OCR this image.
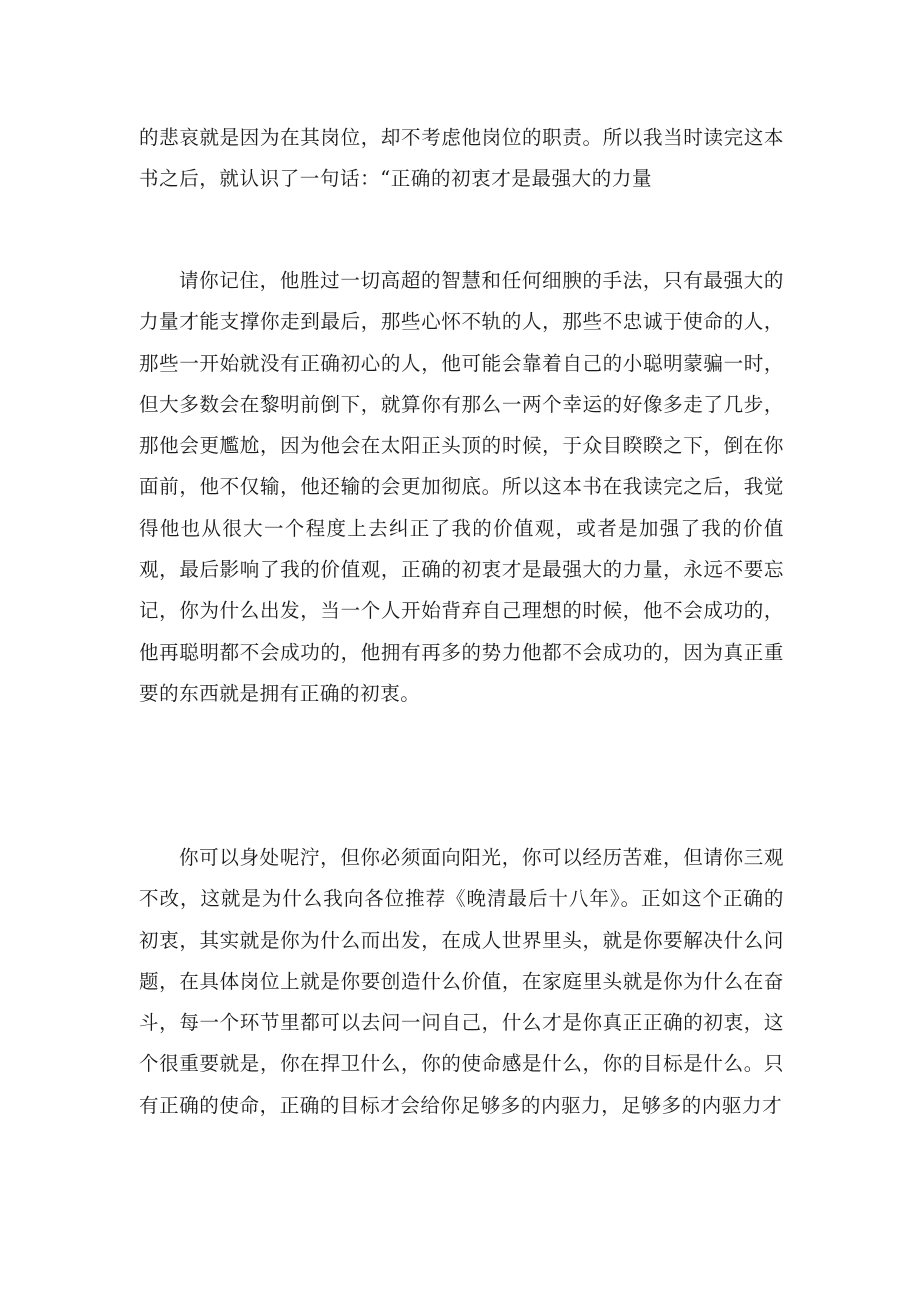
的悲哀就是因为在其岗位，却不考虑他岗位的职责。所以我当时读完这本书之后，就认识了一句话：“正确的初衷才是最强大的力量

请你记住，他胜过一切高超的智慧和任何细腴的手法，只有最强大的力量才能支撑你走到最后，那些心怀不轨的人，那些不忠诚于使命的人，那些一开始就没有正确初心的人，他可能会靠着自己的小聪明蒙骗一时，但大多数会在黎明前倒下，就算你有那么一两个幸运的好像多走了几步，那他会更尷尬，因为他会在太阳正头顶的时候，于众目睽睽之下，倒在你面前，他不仅输，他还输的会更加彻底。所以这本书在我读完之后，我觉得他也从很大一个程度上去纠正了我的价值观，或者是加强了我的价值观，最后影响了我的价值观，正确的初衷才是最强大的力量，永远不要忘记，你为什么出发，当一个人开始背弃自己理想的时候，他不会成功的，他再聪明都不会成功的，他拥有再多的势力他都不会成功的，因为真正重要的东西就是拥有正确的初衷。

你可以身处呢泞，但你必须面向阳光，你可以经历苦难，但请你三观不改，这就是为什么我向各位推荐《晚清最后十八年》。正如这个正确的初衷，其实就是你为什么而出发，在成人世界里头，就是你要解决什么问题，在具体岗位上就是你要创造什么价值，在家庭里头就是你为什么在奋斗，每一个环节里都可以去问一问自己，什么才是你真正正确的初衷，这个很重要就是，你在捍卫什么，你的使命感是什么，你的目标是什么。只有正确的使命，正确的目标才会给你足够多的内驱力，足够多的内驱力才
